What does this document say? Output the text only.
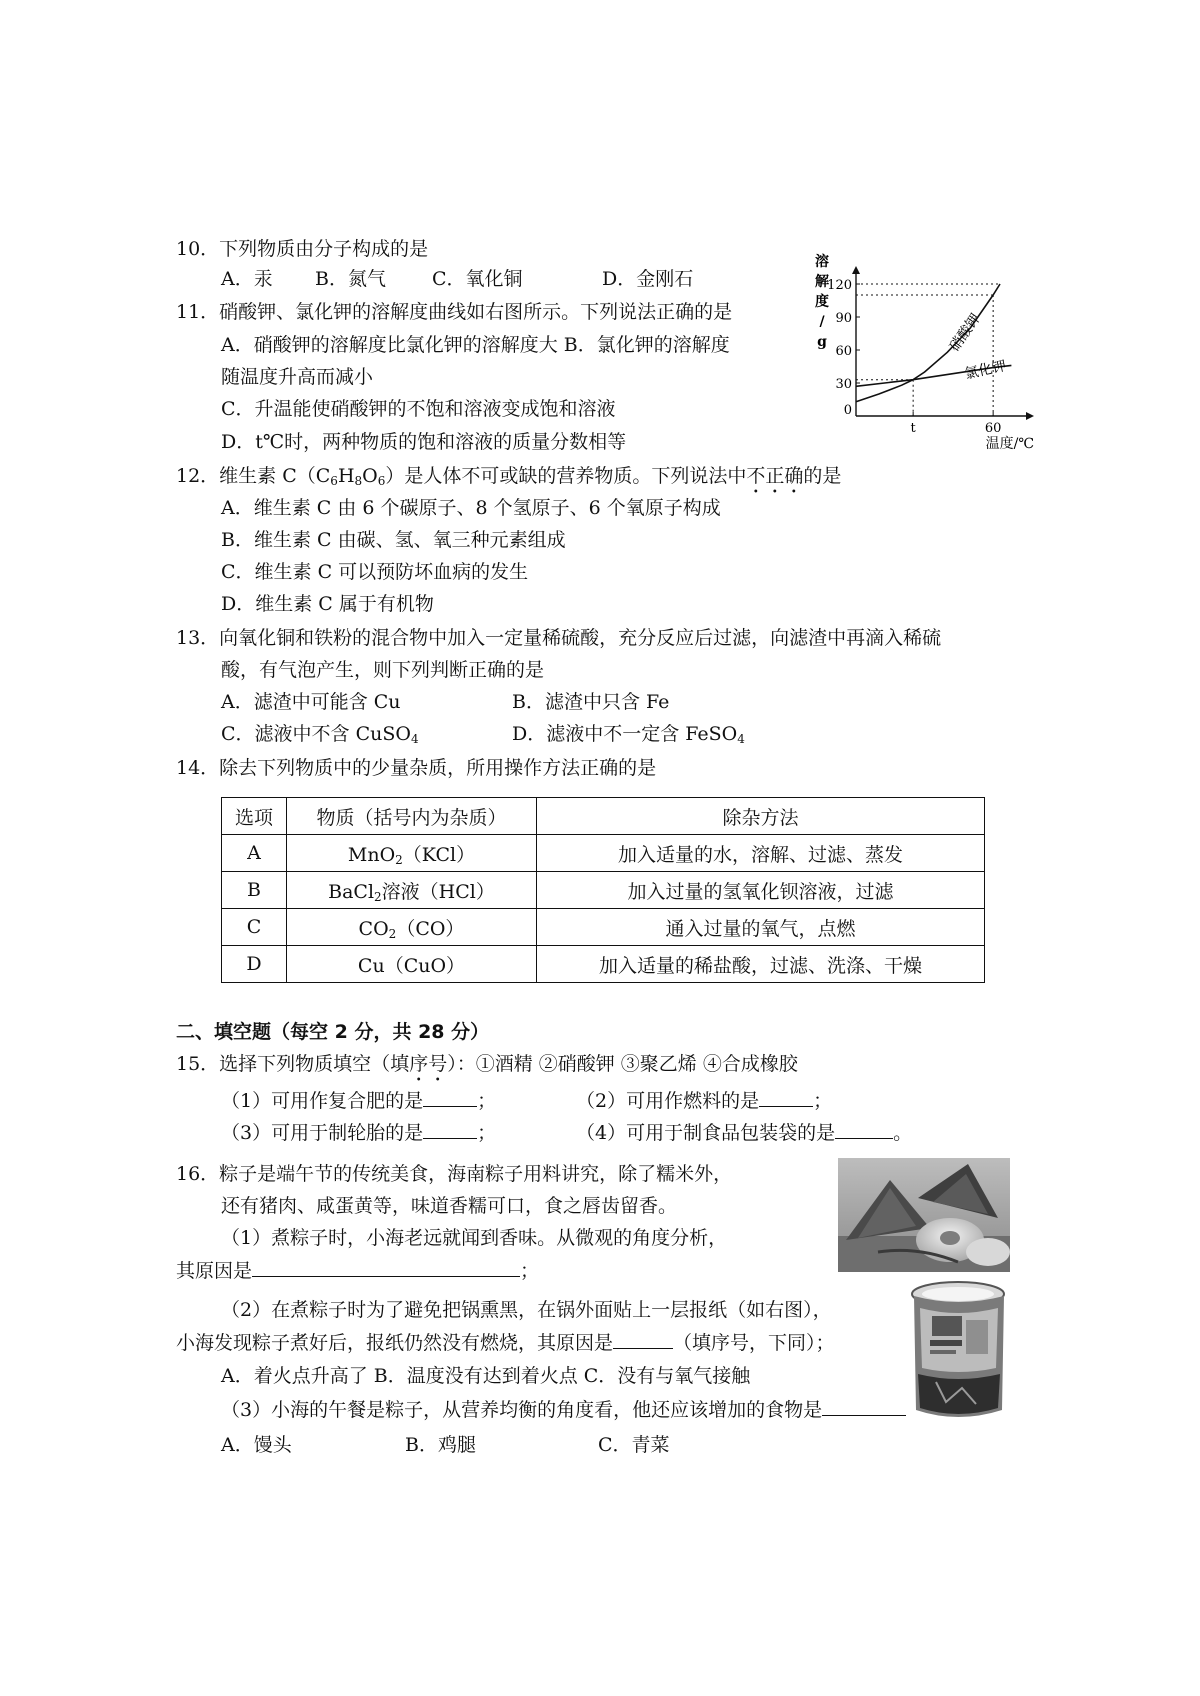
10．下列物质由分子构成的是
A．汞 B．氮气 C．氧化铜	D．金刚石
11．硝酸钾、氯化钾的溶解度曲线如右图所示。下列说法正确的是
A．硝酸钾的溶解度比氯化钾的溶解度大 B．氯化钾的溶解度
随温度升高而减小
C．升温能使硝酸钾的不饱和溶液变成饱和溶液
D．t℃时，两种物质的饱和溶液的质量分数相等
0
30
60
90
120
t	60
硝酸钾
氯化钾
溶
解
度
/
g
温度/℃
12．维生素 $C(C_6H_8O_6)$是人体不可或缺的营养物质。下列说法中不正确的是
A．维生素 C 由 6 个碳原子、8 个氢原子、6 个氧原子构成
B．维生素 C 由碳、氢、氧三种元素组成
C．维生素 C 可以预防坏血病的发生
D．维生素 C 属于有机物
13．向氧化铜和铁粉的混合物中加入一定量稀硫酸，充分反应后过滤，向滤渣中再滴入稀硫
酸，有气泡产生，则下列判断正确的是
A．滤渣中可能含 Cu	B．滤渣中只含 Fe
C．滤液中不含 CuSO$_4$	D．滤液中不一定含 FeSO$_4$
14．除去下列物质中的少量杂质，所用操作方法正确的是
选项	物质（括号内为杂质）	除杂方法
A	MnO$_2$（KCl）	加入适量的水，溶解、过滤、蒸发
B	BaCl$_2$溶液（HCl）	加入过量的氢氧化钡溶液，过滤
C	$CO_2(CO)$	通入过量的氧气，点燃
D	Cu（CuO）	加入适量的稀盐酸，过滤、洗涤、干燥
二、填空题（每空 2 分，共 28 分）
15．选择下列物质填空（填序号）：①酒精 ②硝酸钾 ③聚乙烯 ④合成橡胶
（1）可用作复合肥的是	；	（2）可用作燃料的是	；
（3）可用于制轮胎的是	；	（4）可用于制食品包装袋的是	。
16．粽子是端午节的传统美食，海南粽子用料讲究，除了糯米外，
还有猪肉、咸蛋黄等，味道香糯可口，食之唇齿留香。
（1）煮粽子时，小海老远就闻到香味。从微观的角度分析，
其原因是	；
（2）在煮粽子时为了避免把锅熏黑，在锅外面贴上一层报纸（如右图），
小海发现粽子煮好后，报纸仍然没有燃烧，其原因是	（填序号，下同）；
A．着火点升高了 B．温度没有达到着火点 C．没有与氧气接触
（3）小海的午餐是粽子，从营养均衡的角度看，他还应该增加的食物是
A．馒头	B．鸡腿	C．青菜
